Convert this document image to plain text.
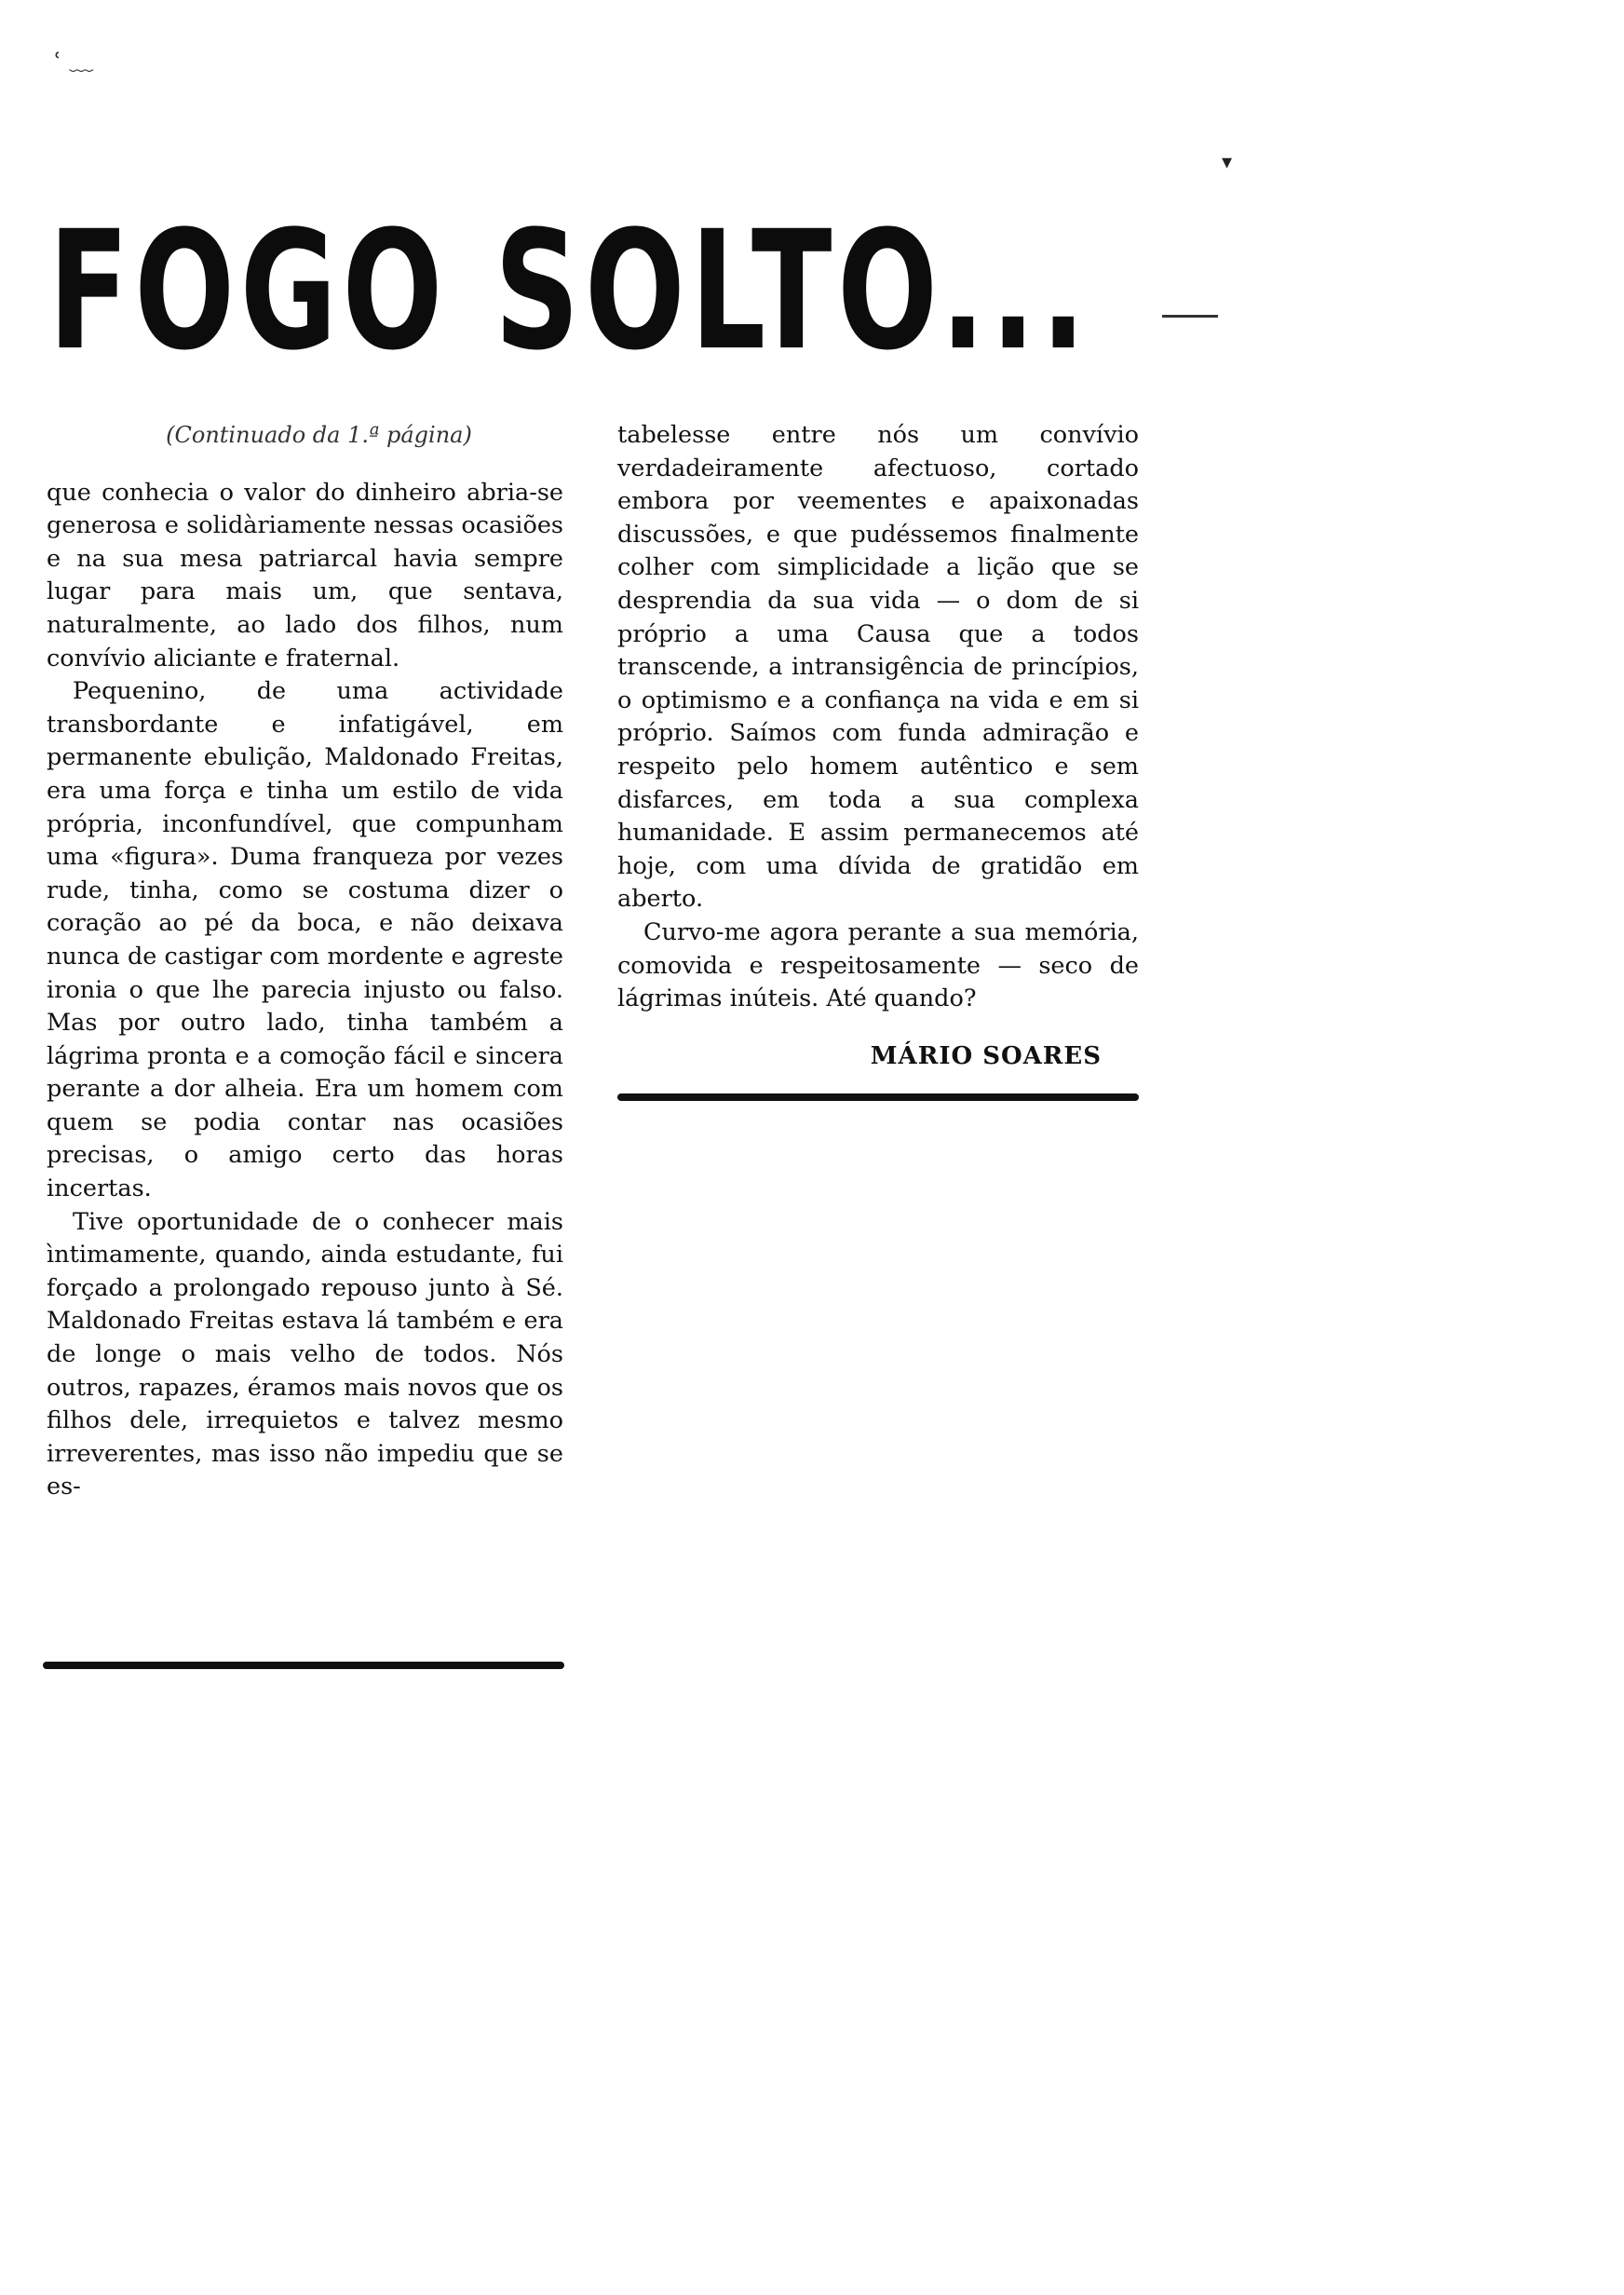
ʿ ﹏
▾
FOGO SOLTO...
(Continuado da 1.ª página)

que conhecia o valor do dinheiro abria-se generosa e solidàriamente nessas ocasiões e na sua mesa patriarcal havia sempre lugar para mais um, que sentava, naturalmente, ao lado dos filhos, num convívio aliciante e fraternal.

Pequenino, de uma actividade transbordante e infatigável, em permanente ebulição, Maldonado Freitas, era uma força e tinha um estilo de vida própria, inconfundível, que compunham uma «figura». Duma franqueza por vezes rude, tinha, como se costuma dizer o coração ao pé da boca, e não deixava nunca de castigar com mordente e agreste ironia o que lhe parecia injusto ou falso. Mas por outro lado, tinha também a lágrima pronta e a comoção fácil e sincera perante a dor alheia. Era um homem com quem se podia contar nas ocasiões precisas, o amigo certo das horas incertas.

Tive oportunidade de o conhecer mais ìntimamente, quando, ainda estudante, fui forçado a prolongado repouso junto à Sé. Maldonado Freitas estava lá também e era de longe o mais velho de todos. Nós outros, rapazes, éramos mais novos que os filhos dele, irrequietos e talvez mesmo irreverentes, mas isso não impediu que se es-

tabelesse entre nós um convívio verdadeiramente afectuoso, cortado embora por veementes e apaixonadas discussões, e que pudéssemos finalmente colher com simplicidade a lição que se desprendia da sua vida — o dom de si próprio a uma Causa que a todos transcende, a intransigência de princípios, o optimismo e a confiança na vida e em si próprio. Saímos com funda admiração e respeito pelo homem autêntico e sem disfarces, em toda a sua complexa humanidade. E assim permanecemos até hoje, com uma dívida de gratidão em aberto.

Curvo-me agora perante a sua memória, comovida e respeitosamente — seco de lágrimas inúteis. Até quando?

MÁRIO SOARES
